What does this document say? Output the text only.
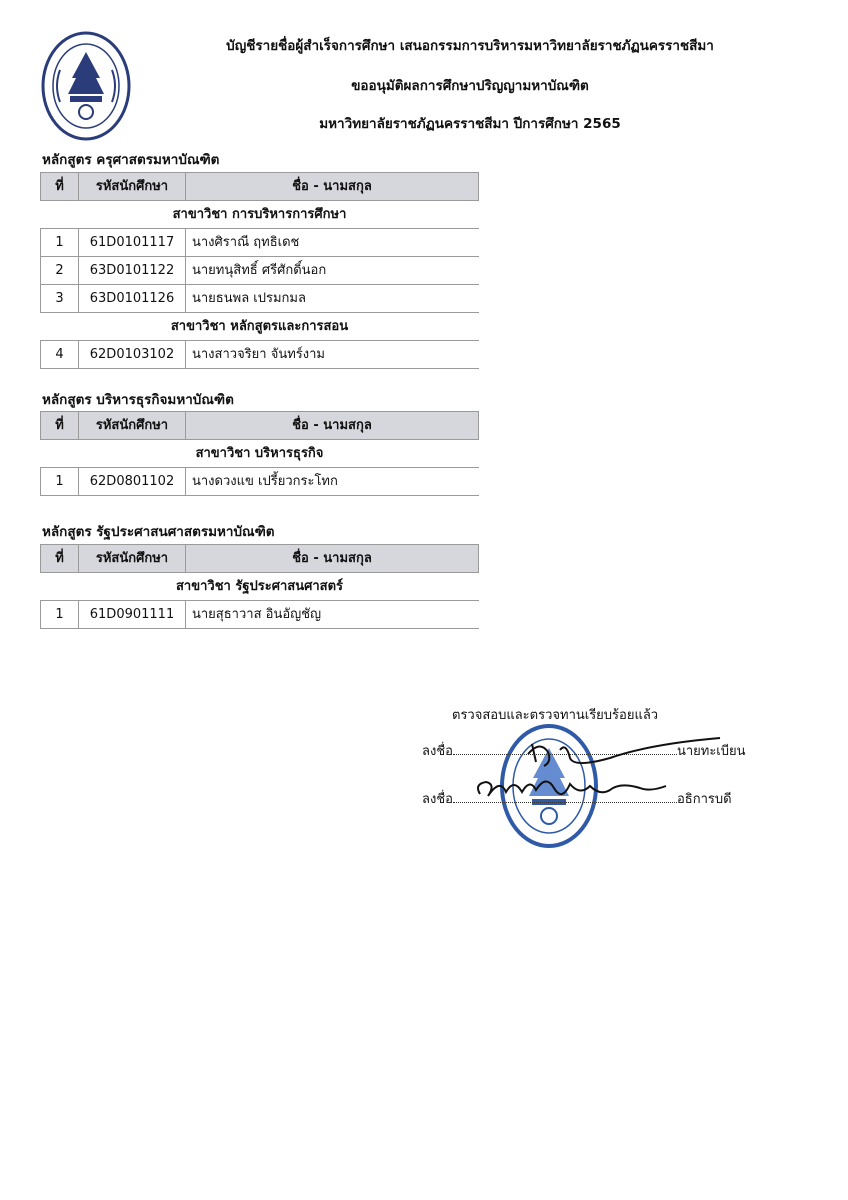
บัญชีรายชื่อผู้สำเร็จการศึกษา เสนอกรรมการบริหารมหาวิทยาลัยราชภัฏนครราชสีมา
ขออนุมัติผลการศึกษาปริญญามหาบัณฑิต
มหาวิทยาลัยราชภัฏนครราชสีมา ปีการศึกษา 2565
หลักสูตร ครุศาสตรมหาบัณฑิต
ที่	รหัสนักศึกษา	ชื่อ - นามสกุล
สาขาวิชา การบริหารการศึกษา		
1	61D0101117	นางศิราณี ฤทธิเดช
2	63D0101122	นายทนุสิทธิ์ ศรีศักดิ์นอก
3	63D0101126	นายธนพล เปรมกมล
สาขาวิชา หลักสูตรและการสอน		
4	62D0103102	นางสาวจริยา จันทร์งาม
หลักสูตร บริหารธุรกิจมหาบัณฑิต
ที่	รหัสนักศึกษา	ชื่อ - นามสกุล
สาขาวิชา บริหารธุรกิจ		
1	62D0801102	นางดวงแข เปรี้ยวกระโทก
หลักสูตร รัฐประศาสนศาสตรมหาบัณฑิต
ที่	รหัสนักศึกษา	ชื่อ - นามสกุล
สาขาวิชา รัฐประศาสนศาสตร์		
1	61D0901111	นายสุธาวาส อินอัญชัญ
ตรวจสอบและตรวจทานเรียบร้อยแล้ว
ลงชื่อ	นายทะเบียน
ลงชื่อ	อธิการบดี
